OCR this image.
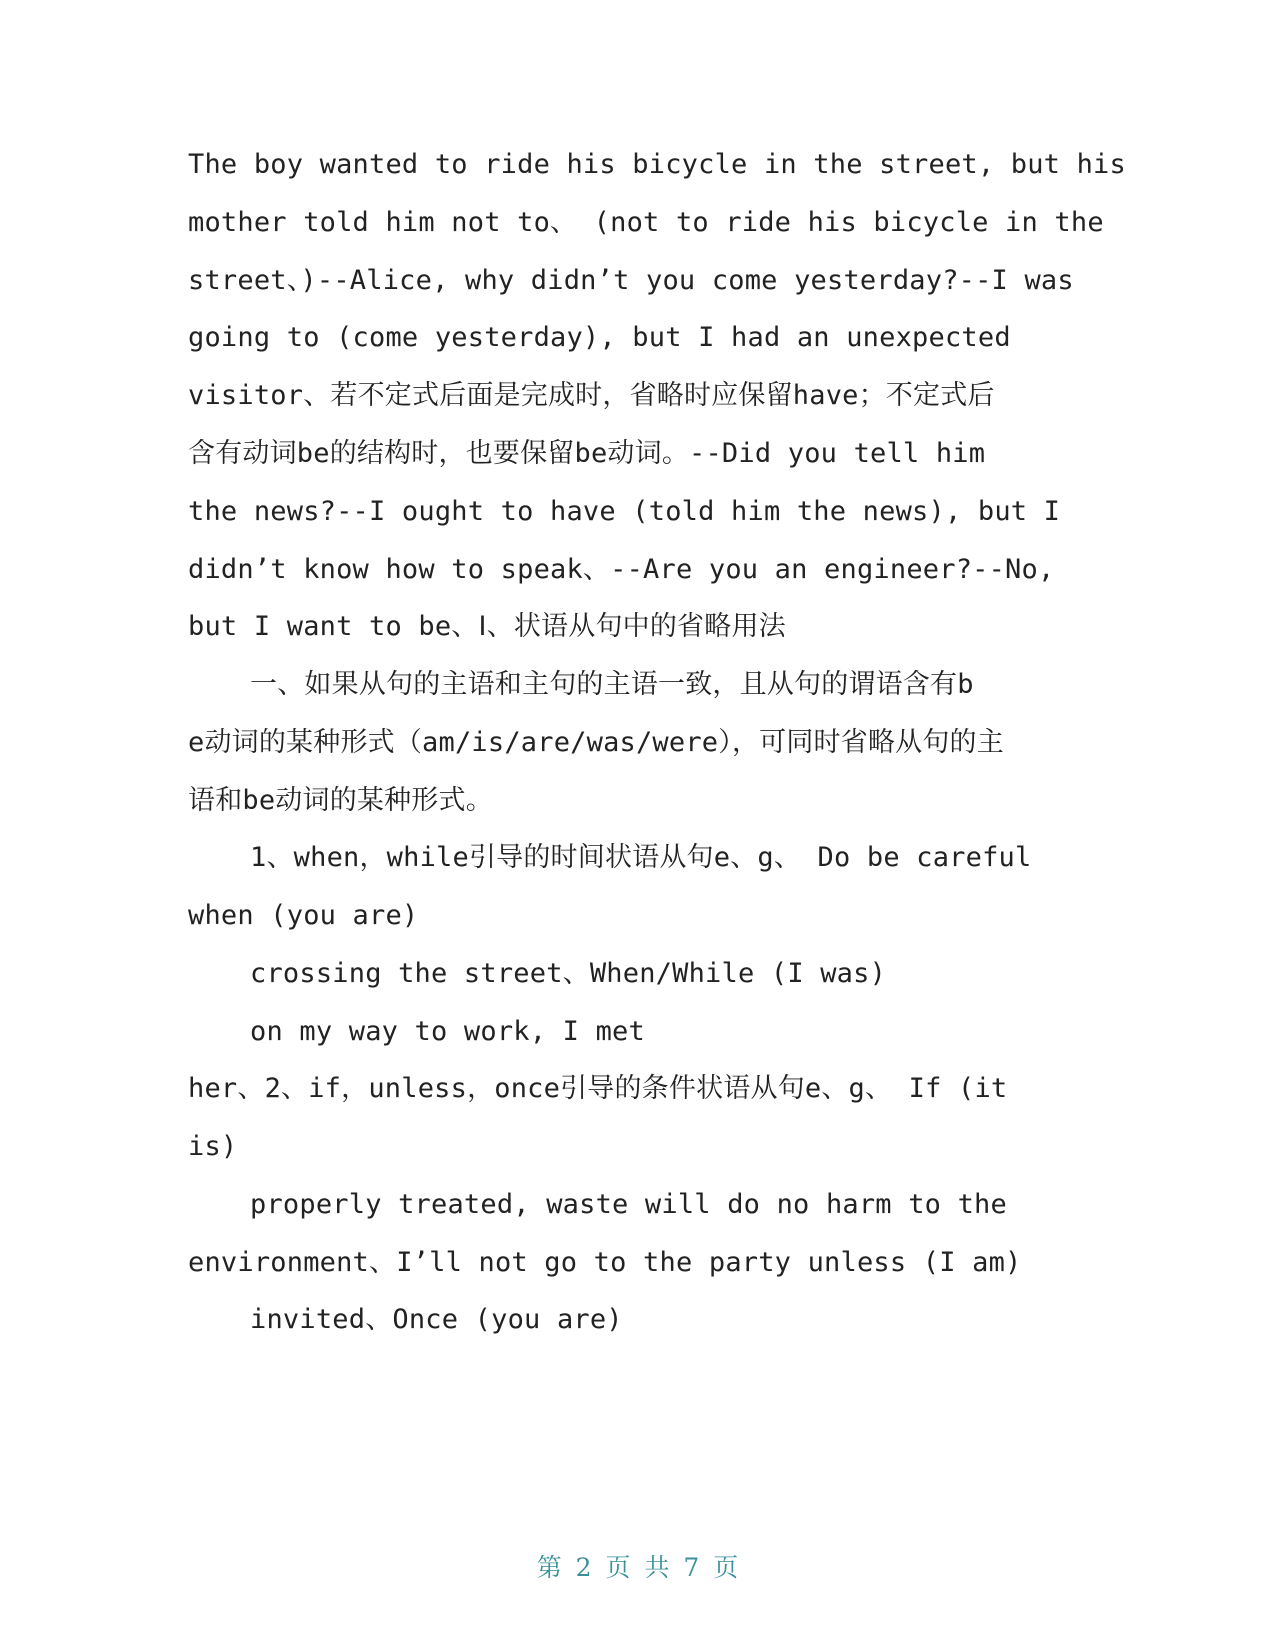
The boy wanted to ride his bicycle in the street, but his
mother told him not to、 (not to ride his bicycle in the
street、)--Alice, why didn’t you come yesterday?--I was
going to (come yesterday), but I had an unexpected
visitor、若不定式后面是完成时，省略时应保留have；不定式后
含有动词be的结构时，也要保留be动词。--Did you tell him
the news?--I ought to have (told him the news), but I
didn’t know how to speak、--Are you an engineer?--No,
but I want to be、Ⅰ、状语从句中的省略用法
一、如果从句的主语和主句的主语一致，且从句的谓语含有b
e动词的某种形式（am/is/are/was/were），可同时省略从句的主
语和be动词的某种形式。
1、when，while引导的时间状语从句e、g、 Do be careful
when (you are)
crossing the street、When/While (I was)
on my way to work, I met
her、2、if，unless，once引导的条件状语从句e、g、 If (it
is)
properly treated, waste will do no harm to the
environment、I’ll not go to the party unless (I am)
invited、Once (you are)
第 2 页 共 7 页
